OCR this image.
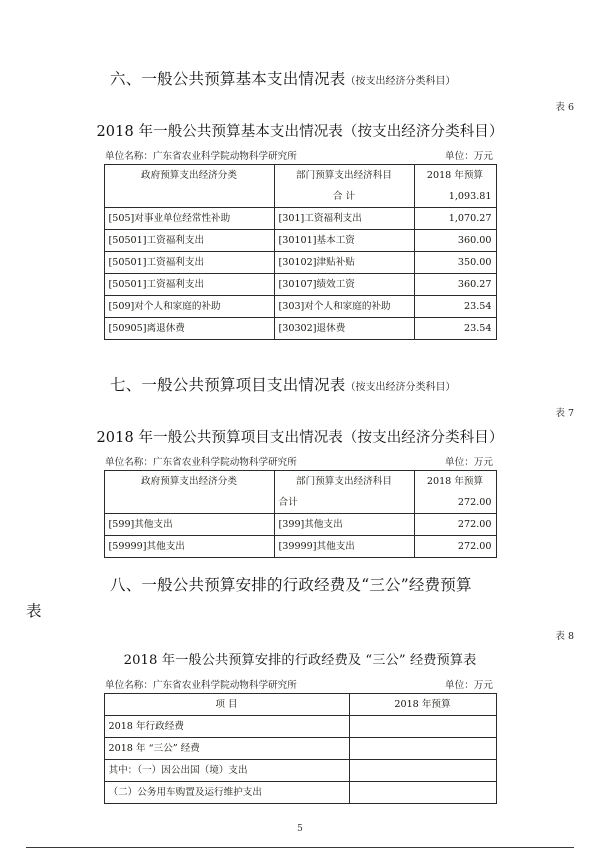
六、一般公共预算基本支出情况表（按支出经济分类科目）
表 6
2018 年一般公共预算基本支出情况表（按支出经济分类科目）
单位名称：广东省农业科学院动物科学研究所	单位：万元
政府预算支出经济分类	部门预算支出经济科目	2018 年预算
	合 计	1,093.81
[505]对事业单位经常性补助	[301]工资福利支出	1,070.27
[50501]工资福利支出	[30101]基本工资	360.00
[50501]工资福利支出	[30102]津贴补贴	350.00
[50501]工资福利支出	[30107]绩效工资	360.27
[509]对个人和家庭的补助	[303]对个人和家庭的补助	23.54
[50905]离退休费	[30302]退休费	23.54
七、一般公共预算项目支出情况表（按支出经济分类科目）
表 7
2018 年一般公共预算项目支出情况表（按支出经济分类科目）
单位名称：广东省农业科学院动物科学研究所	单位：万元
政府预算支出经济分类	部门预算支出经济科目	2018 年预算
	合计	272.00
[599]其他支出	[399]其他支出	272.00
[59999]其他支出	[39999]其他支出	272.00
八、一般公共预算安排的行政经费及“三公”经费预算
表
表 8
2018 年一般公共预算安排的行政经费及 “三公” 经费预算表
单位名称：广东省农业科学院动物科学研究所	单位：万元
项 目	2018 年预算
2018 年行政经费	
2018 年 “三公” 经费	
其中：（一）因公出国（境）支出	
（二）公务用车购置及运行维护支出	
5
